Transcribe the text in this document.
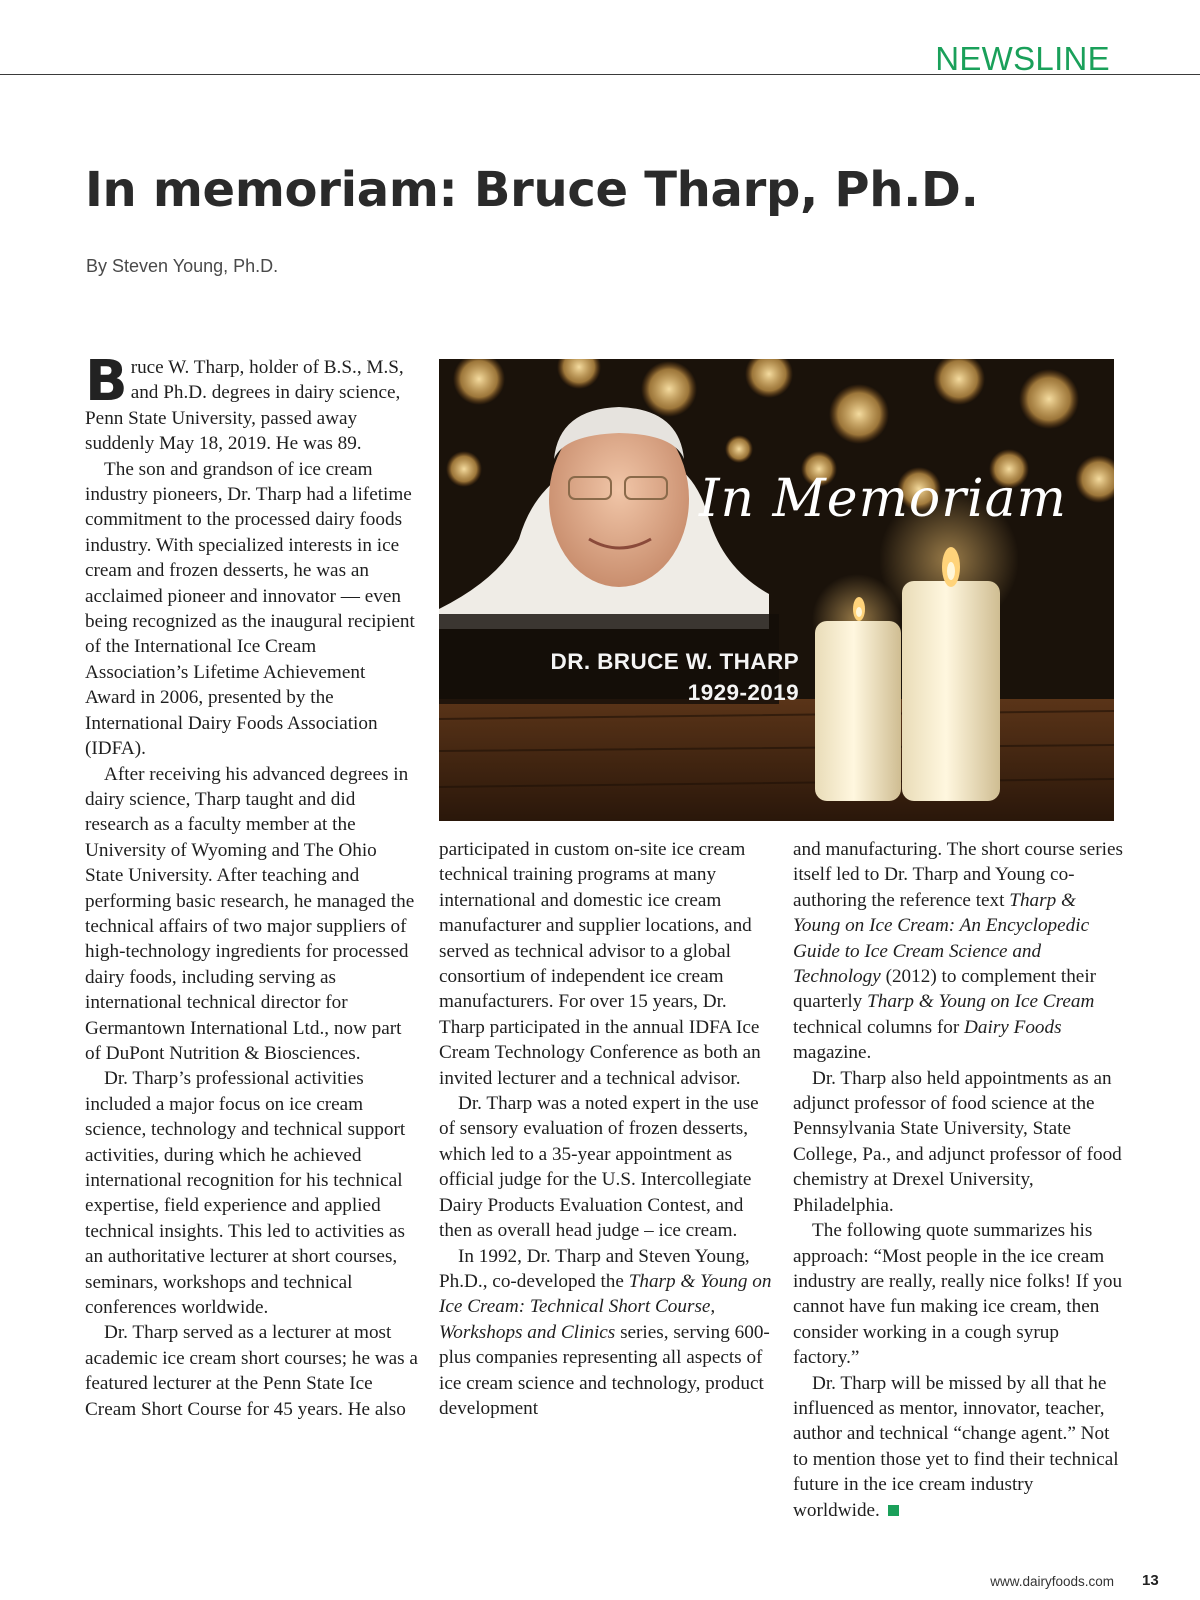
NEWSLINE
In memoriam: Bruce Tharp, Ph.D.
By Steven Young, Ph.D.

Bruce W. Tharp, holder of B.S., M.S, and Ph.D. degrees in dairy science, Penn State University, passed away suddenly May 18, 2019. He was 89.

The son and grandson of ice cream industry pioneers, Dr. Tharp had a lifetime commitment to the processed dairy foods industry. With specialized interests in ice cream and frozen desserts, he was an acclaimed pioneer and innovator — even being recognized as the inaugural recipient of the International Ice Cream Association’s Lifetime Achievement Award in 2006, presented by the International Dairy Foods Association (IDFA).

After receiving his advanced degrees in dairy science, Tharp taught and did research as a faculty member at the University of Wyoming and The Ohio State University. After teaching and performing basic research, he managed the technical affairs of two major suppliers of high-technology ingredients for processed dairy foods, including serving as international technical director for Germantown International Ltd., now part of DuPont Nutrition & Biosciences.

Dr. Tharp’s professional activities included a major focus on ice cream science, technology and technical support activities, during which he achieved international recognition for his technical expertise, field experience and applied technical insights. This led to activities as an authoritative lecturer at short courses, seminars, workshops and technical conferences worldwide.

Dr. Tharp served as a lecturer at most academic ice cream short courses; he was a featured lecturer at the Penn State Ice Cream Short Course for 45 years. He also

In Memoriam
DR. BRUCE W. THARP
1929-2019

participated in custom on-site ice cream technical training programs at many international and domestic ice cream manufacturer and supplier locations, and served as technical advisor to a global consortium of independent ice cream manufacturers. For over 15 years, Dr. Tharp participated in the annual IDFA Ice Cream Technology Conference as both an invited lecturer and a technical advisor.

Dr. Tharp was a noted expert in the use of sensory evaluation of frozen desserts, which led to a 35-year appointment as official judge for the U.S. Intercollegiate Dairy Products Evaluation Contest, and then as overall head judge – ice cream.

In 1992, Dr. Tharp and Steven Young, Ph.D., co-developed the Tharp & Young on Ice Cream: Technical Short Course, Workshops and Clinics series, serving 600-plus companies representing all aspects of ice cream science and technology, product development

and manufacturing. The short course series itself led to Dr. Tharp and Young co-authoring the reference text Tharp & Young on Ice Cream: An Encyclopedic Guide to Ice Cream Science and Technology (2012) to complement their quarterly Tharp & Young on Ice Cream technical columns for Dairy Foods magazine.

Dr. Tharp also held appointments as an adjunct professor of food science at the Pennsylvania State University, State College, Pa., and adjunct professor of food chemistry at Drexel University, Philadelphia.

The following quote summarizes his approach: “Most people in the ice cream industry are really, really nice folks! If you cannot have fun making ice cream, then consider working in a cough syrup factory.”

Dr. Tharp will be missed by all that he influenced as mentor, innovator, teacher, author and technical “change agent.” Not to mention those yet to find their technical future in the ice cream industry worldwide.

www.dairyfoods.com 13
